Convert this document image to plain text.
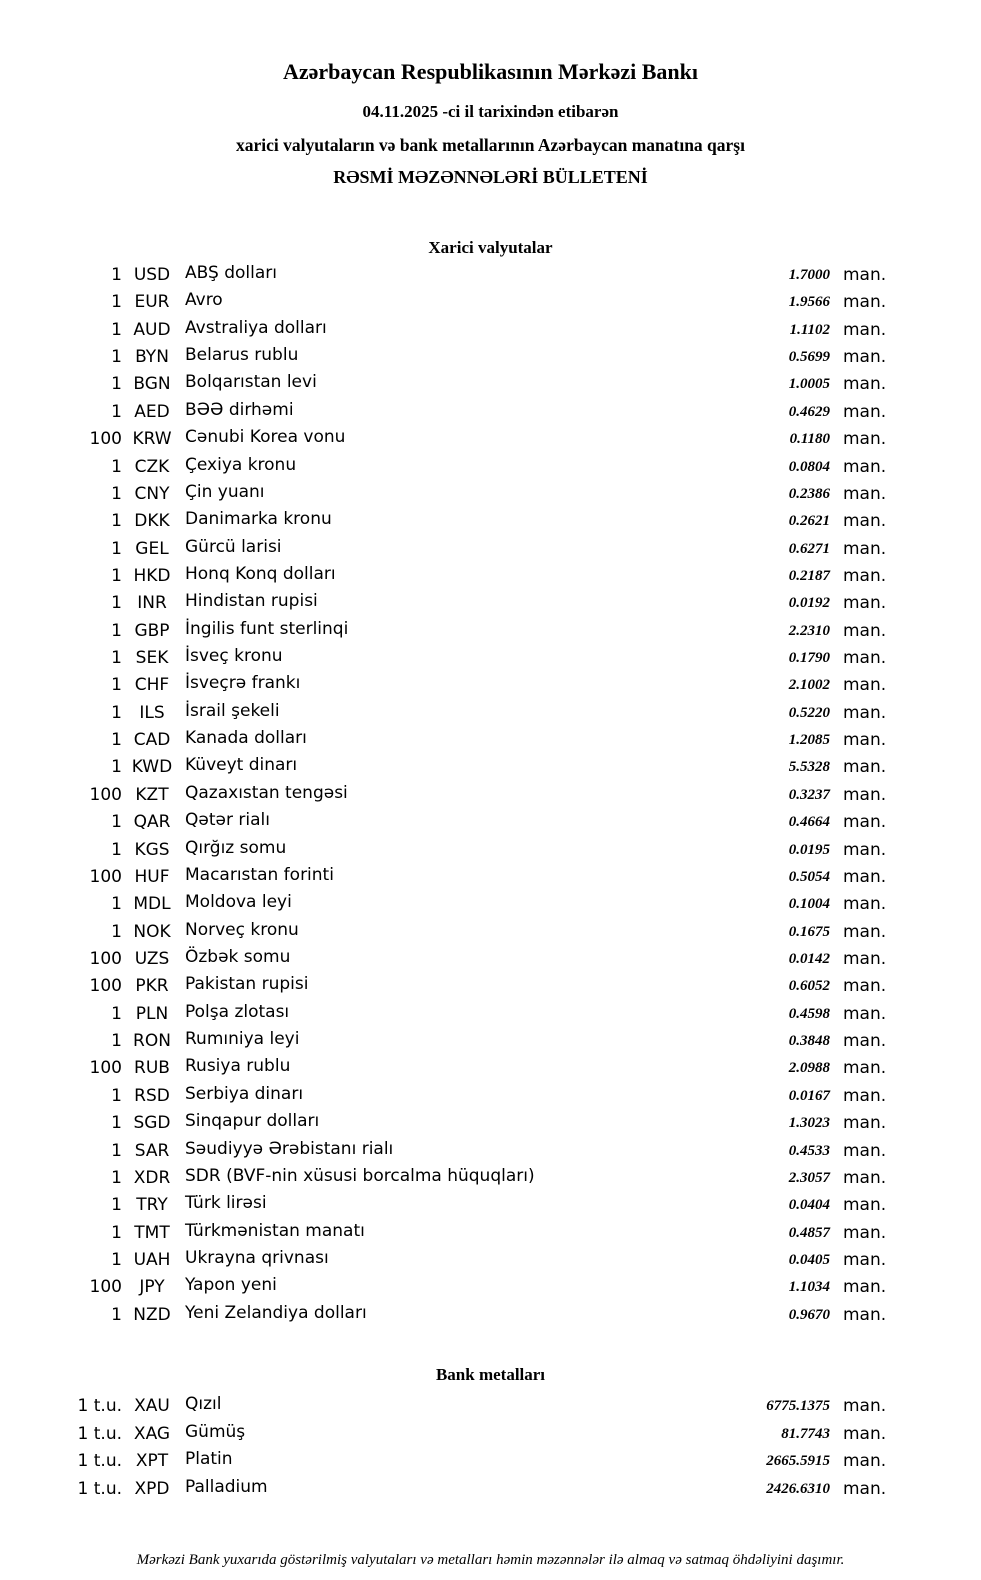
Azərbaycan Respublikasının Mərkəzi Bankı
04.11.2025 -ci il tarixindən etibarən
xarici valyutaların və bank metallarının Azərbaycan manatına qarşı
RƏSMİ MƏZƏNNƏLƏRİ BÜLLETENİ
Xarici valyutalar
1 USD ABŞ dolları	1.7000 man.
1 EUR Avro	1.9566 man.
1 AUD Avstraliya dolları	1.1102 man.
1 BYN Belarus rublu	0.5699 man.
1 BGN Bolqarıstan levi	1.0005 man.
1 AED BƏƏ dirhəmi	0.4629 man.
100 KRW Cənubi Korea vonu	0.1180 man.
1 CZK Çexiya kronu	0.0804 man.
1 CNY Çin yuanı	0.2386 man.
1 DKK Danimarka kronu	0.2621 man.
1 GEL Gürcü larisi	0.6271 man.
1 HKD Honq Konq dolları	0.2187 man.
1 INR	Hindistan rupisi	0.0192 man.
1 GBP İngilis funt sterlinqi	2.2310 man.
1 SEK İsveç kronu	0.1790 man.
1 CHF İsveçrə frankı	2.1002 man.
1	ILS	İsrail şekeli	0.5220 man.
1 CAD Kanada dolları	1.2085 man.
1 KWD Küveyt dinarı	5.5328 man.
100 KZT Qazaxıstan tengəsi	0.3237 man.
1 QAR Qətər rialı	0.4664 man.
1 KGS Qırğız somu	0.0195 man.
100 HUF Macarıstan forinti	0.5054 man.
1 MDL Moldova leyi	0.1004 man.
1 NOK Norveç kronu	0.1675 man.
100 UZS Özbək somu	0.0142 man.
100 PKR Pakistan rupisi	0.6052 man.
1 PLN Polşa zlotası	0.4598 man.
1 RON Rumıniya leyi	0.3848 man.
100 RUB Rusiya rublu	2.0988 man.
1 RSD Serbiya dinarı	0.0167 man.
1 SGD Sinqapur dolları	1.3023 man.
1 SAR Səudiyyə Ərəbistanı rialı	0.4533 man.
1 XDR SDR (BVF-nin xüsusi borcalma hüquqları)	2.3057 man.
1 TRY	Türk lirəsi	0.0404 man.
1 TMT Türkmənistan manatı	0.4857 man.
1 UAH Ukrayna qrivnası	0.0405 man.
100	JPY	Yapon yeni	1.1034 man.
1 NZD Yeni Zelandiya dolları	0.9670 man.
Bank metalları
1 t.u. XAU Qızıl	6775.1375 man.
1 t.u. XAG Gümüş	81.7743 man.
1 t.u. XPT Platin	2665.5915 man.
1 t.u. XPD Palladium	2426.6310 man.
Mərkəzi Bank yuxarıda göstərilmiş valyutaları və metalları həmin məzənnələr ilə almaq və satmaq öhdəliyini daşımır.
